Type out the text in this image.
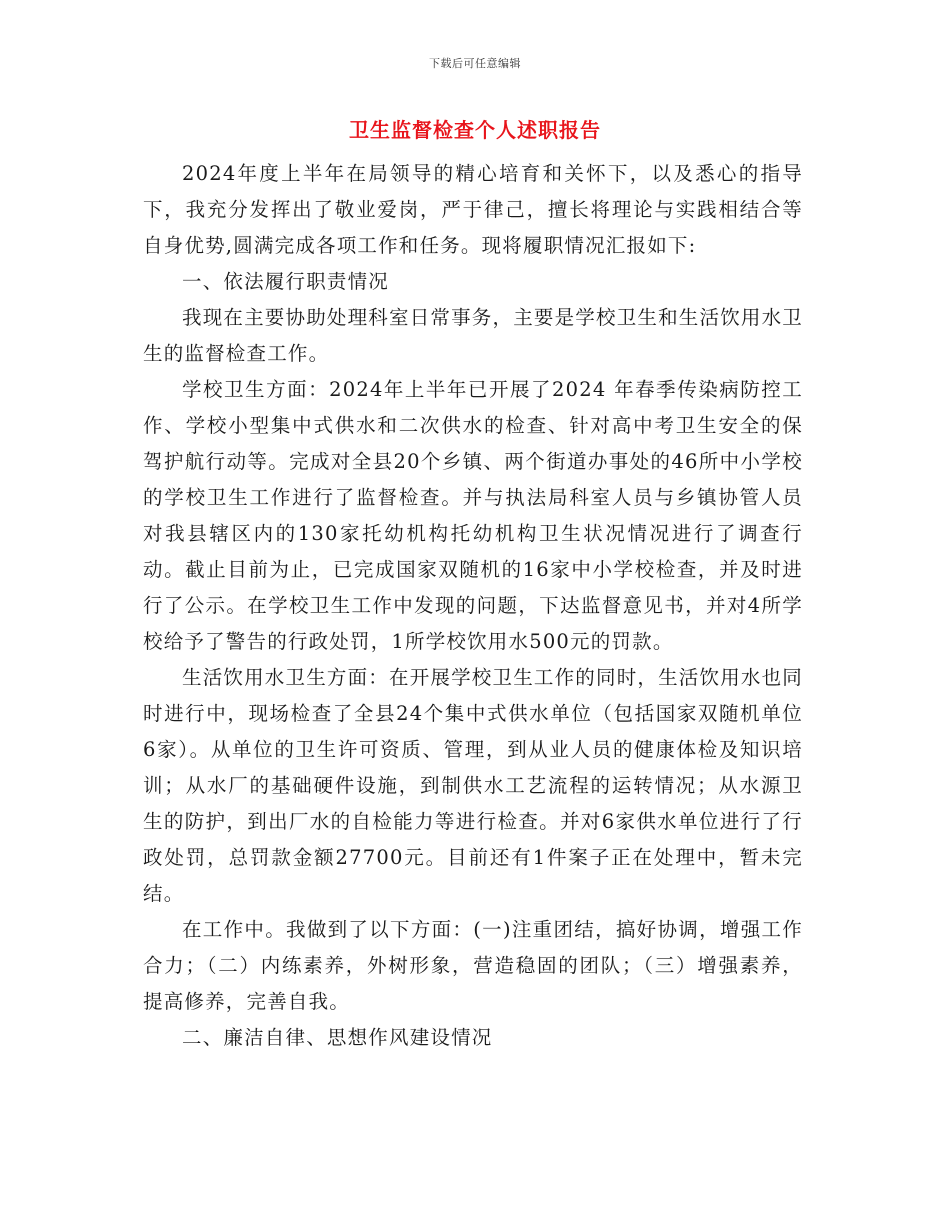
下载后可任意编辑
卫生监督检查个人述职报告

2024年度上半年在局领导的精心培育和关怀下，以及悉心的指导下，我充分发挥出了敬业爱岗，严于律己，擅长将理论与实践相结合等自身优势,圆满完成各项工作和任务。现将履职情况汇报如下:

一、依法履行职责情况

我现在主要协助处理科室日常事务，主要是学校卫生和生活饮用水卫生的监督检查工作。

学校卫生方面：2024年上半年已开展了2024 年春季传染病防控工作、学校小型集中式供水和二次供水的检查、针对高中考卫生安全的保驾护航行动等。完成对全县20个乡镇、两个街道办事处的46所中小学校的学校卫生工作进行了监督检查。并与执法局科室人员与乡镇协管人员对我县辖区内的130家托幼机构托幼机构卫生状况情况进行了调查行动。截止目前为止，已完成国家双随机的16家中小学校检查，并及时进行了公示。在学校卫生工作中发现的问题，下达监督意见书，并对4所学校给予了警告的行政处罚，1所学校饮用水500元的罚款。

生活饮用水卫生方面：在开展学校卫生工作的同时，生活饮用水也同时进行中，现场检查了全县24个集中式供水单位（包括国家双随机单位6家）。从单位的卫生许可资质、管理，到从业人员的健康体检及知识培训；从水厂的基础硬件设施，到制供水工艺流程的运转情况；从水源卫生的防护，到出厂水的自检能力等进行检查。并对6家供水单位进行了行政处罚，总罚款金额27700元。目前还有1件案子正在处理中，暂未完结。

在工作中。我做到了以下方面：(一)注重团结，搞好协调，增强工作合力；（二）内练素养，外树形象，营造稳固的团队；（三）增强素养，提高修养，完善自我。

二、廉洁自律、思想作风建设情况
